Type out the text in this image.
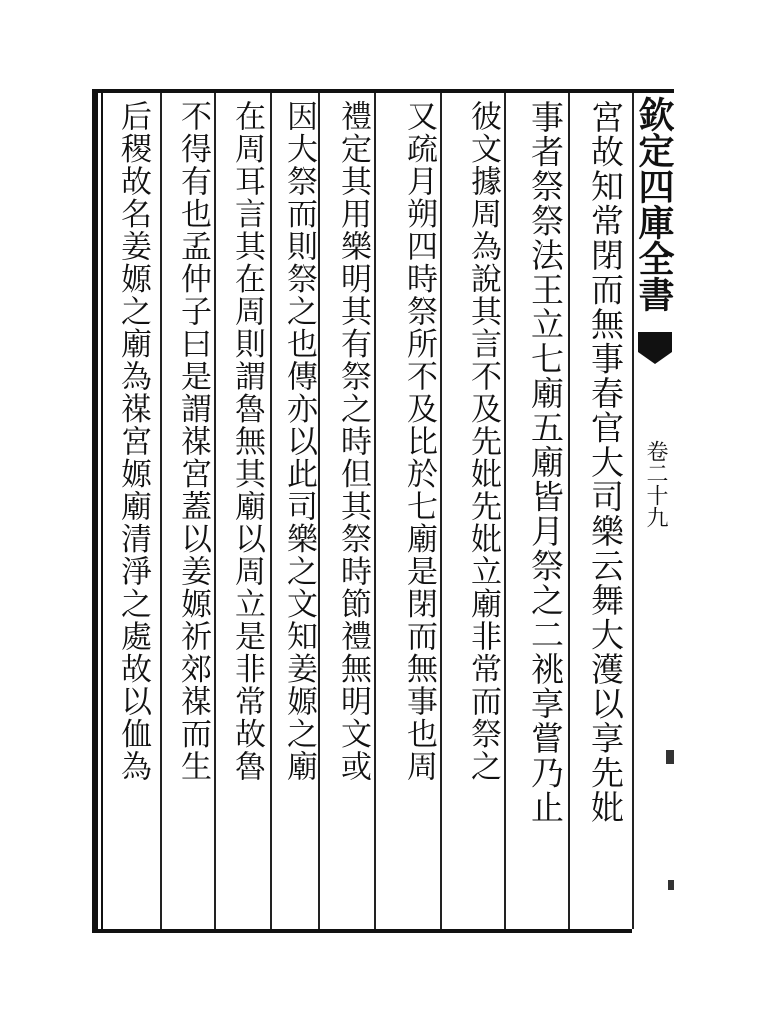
宮故知常閉而無事春官大司樂云舞大濩以享先妣
事者祭祭法王立七廟五廟皆月祭之二祧享嘗乃止
彼文據周為說其言不及先妣先妣立廟非常而祭之
又疏月朔四時祭所不及比於七廟是閉而無事也周
禮定其用樂明其有祭之時但其祭時節禮無明文或
因大祭而則祭之也傳亦以此司樂之文知姜嫄之廟
在周耳言其在周則謂魯無其廟以周立是非常故魯
不得有也孟仲子曰是謂禖宮蓋以姜嫄祈郊禖而生
后稷故名姜嫄之廟為禖宮嫄廟清淨之處故以侐為	欽定四庫全書
卷二十九
